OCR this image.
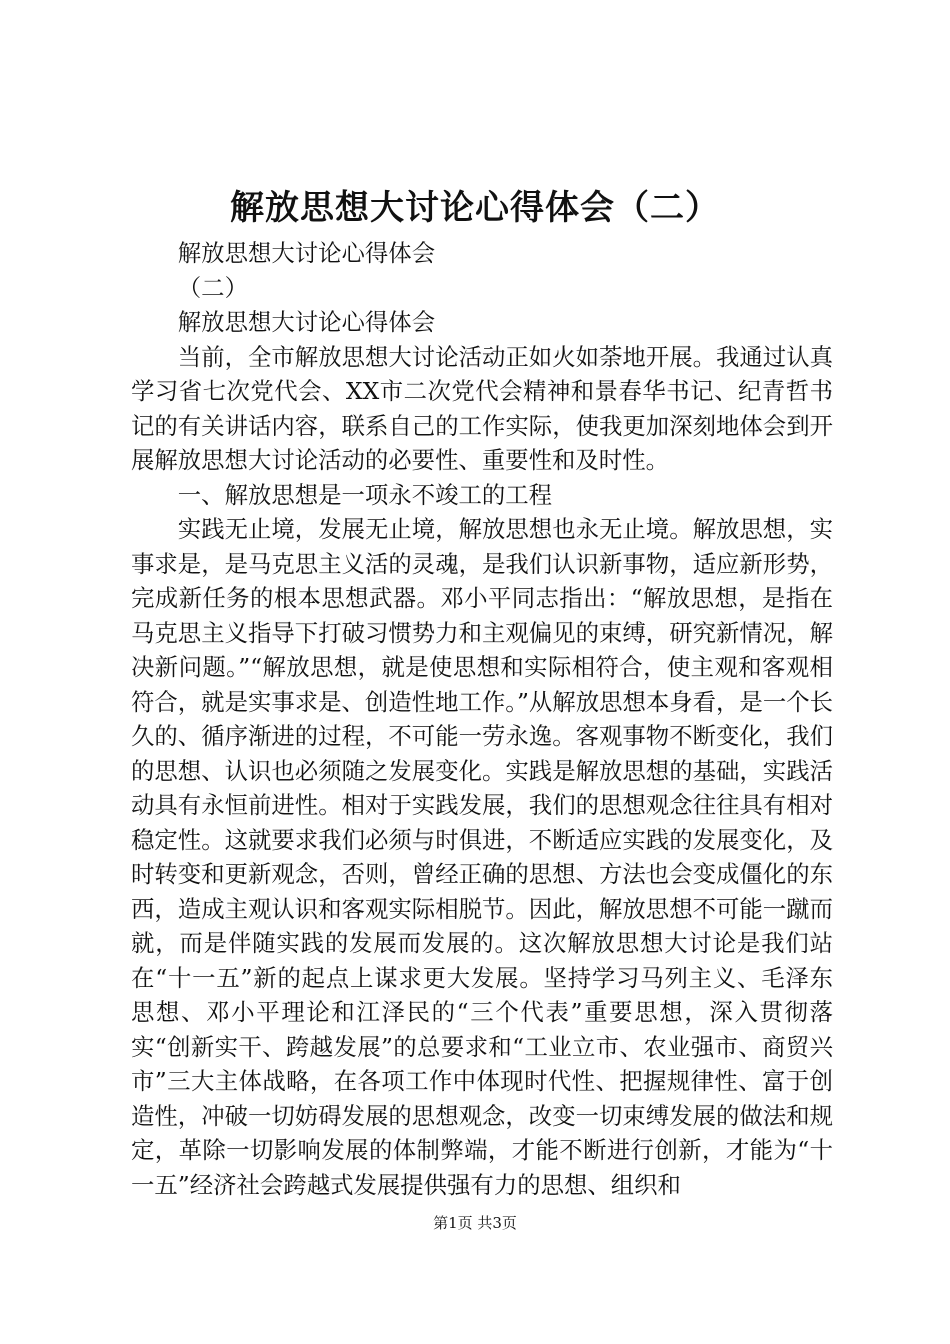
解放思想大讨论心得体会（二）

解放思想大讨论心得体会

（二）

解放思想大讨论心得体会

当前，全市解放思想大讨论活动正如火如荼地开展。我通过认真学习省七次党代会、XX市二次党代会精神和景春华书记、纪青哲书记的有关讲话内容，联系自己的工作实际，使我更加深刻地体会到开展解放思想大讨论活动的必要性、重要性和及时性。

一、解放思想是一项永不竣工的工程

实践无止境，发展无止境，解放思想也永无止境。解放思想，实事求是，是马克思主义活的灵魂，是我们认识新事物，适应新形势，完成新任务的根本思想武器。邓小平同志指出：“解放思想，是指在马克思主义指导下打破习惯势力和主观偏见的束缚，研究新情况，解决新问题。”“解放思想，就是使思想和实际相符合，使主观和客观相符合，就是实事求是、创造性地工作。”从解放思想本身看，是一个长久的、循序渐进的过程，不可能一劳永逸。客观事物不断变化，我们的思想、认识也必须随之发展变化。实践是解放思想的基础，实践活动具有永恒前进性。相对于实践发展，我们的思想观念往往具有相对稳定性。这就要求我们必须与时俱进，不断适应实践的发展变化，及时转变和更新观念，否则，曾经正确的思想、方法也会变成僵化的东西，造成主观认识和客观实际相脱节。因此，解放思想不可能一蹴而就，而是伴随实践的发展而发展的。这次解放思想大讨论是我们站在“十一五”新的起点上谋求更大发展。坚持学习马列主义、毛泽东思想、邓小平理论和江泽民的“三个代表”重要思想，深入贯彻落实“创新实干、跨越发展”的总要求和“工业立市、农业强市、商贸兴市”三大主体战略，在各项工作中体现时代性、把握规律性、富于创造性，冲破一切妨碍发展的思想观念，改变一切束缚发展的做法和规定，革除一切影响发展的体制弊端，才能不断进行创新，才能为“十一五”经济社会跨越式发展提供强有力的思想、组织和

第1页 共3页
